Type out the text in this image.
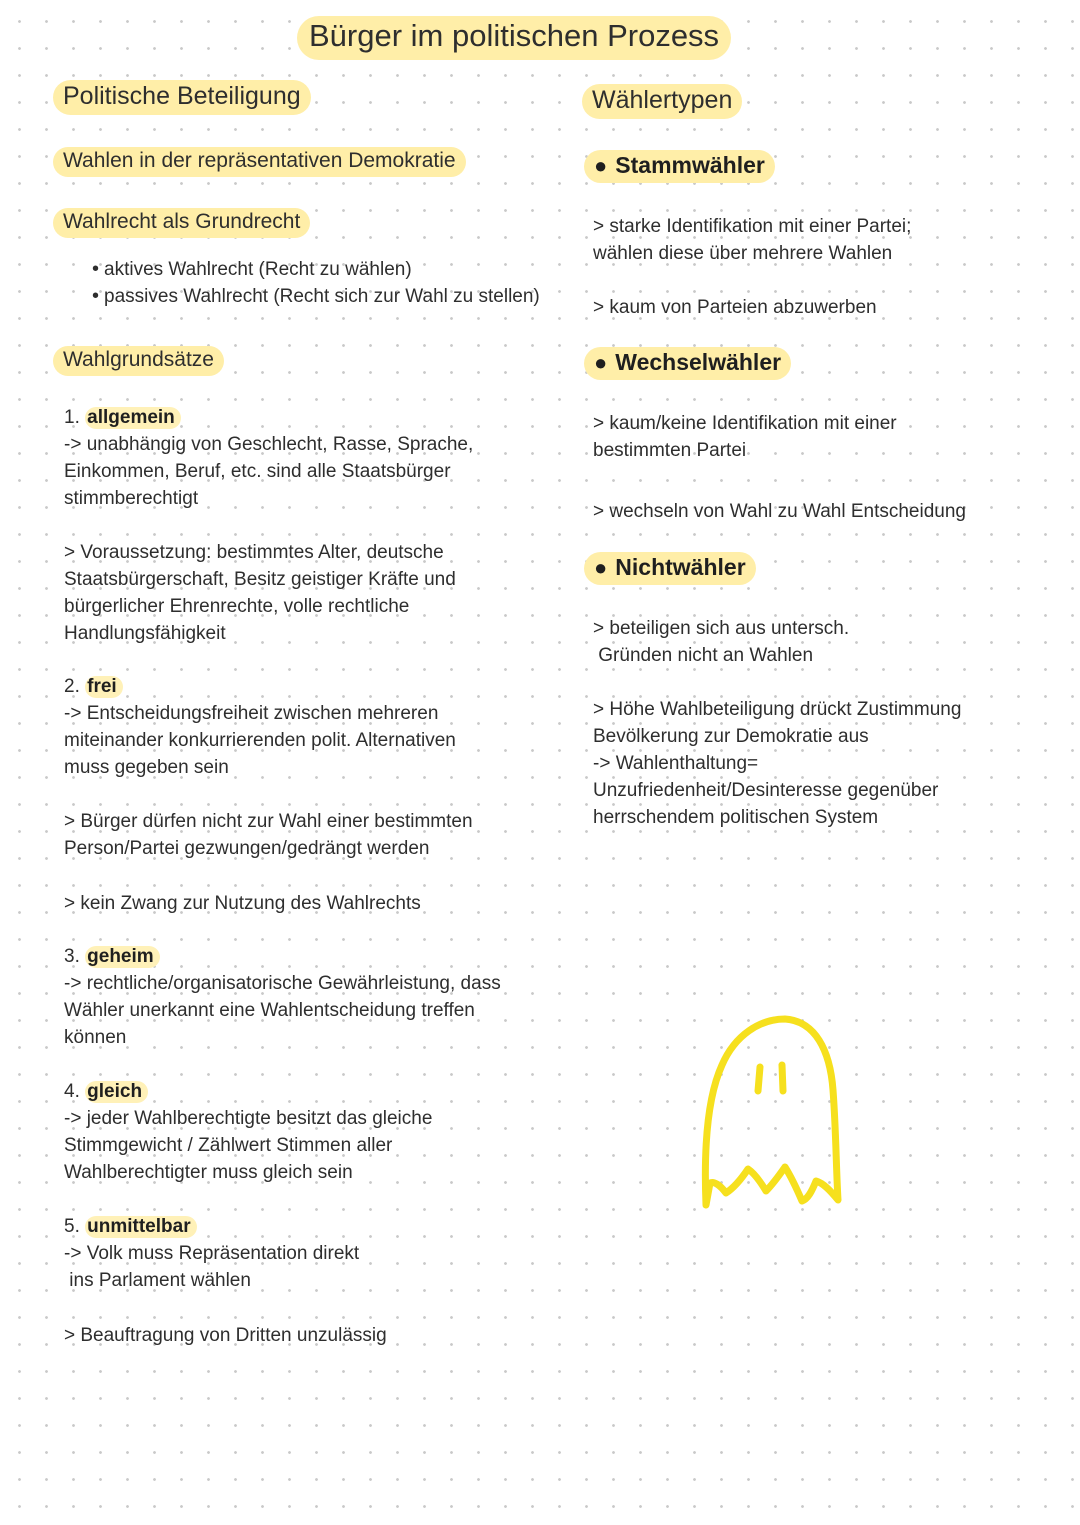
Bürger im politischen Prozess
Politische Beteiligung
Wahlen in der repräsentativen Demokratie
Wahlrecht als Grundrecht
• aktives Wahlrecht (Recht zu wählen)
• passives Wahlrecht (Recht sich zur Wahl zu stellen)
Wahlgrundsätze
1. allgemein
-> unabhängig von Geschlecht, Rasse, Sprache,
Einkommen, Beruf, etc. sind alle Staatsbürger
stimmberechtigt
> Voraussetzung: bestimmtes Alter, deutsche
Staatsbürgerschaft, Besitz geistiger Kräfte und
bürgerlicher Ehrenrechte, volle rechtliche
Handlungsfähigkeit
2. frei
-> Entscheidungsfreiheit zwischen mehreren
miteinander konkurrierenden polit. Alternativen
muss gegeben sein
> Bürger dürfen nicht zur Wahl einer bestimmten
Person/Partei gezwungen/gedrängt werden
> kein Zwang zur Nutzung des Wahlrechts
3. geheim
-> rechtliche/organisatorische Gewährleistung, dass
Wähler unerkannt eine Wahlentscheidung treffen
können
4. gleich
-> jeder Wahlberechtigte besitzt das gleiche
Stimmgewicht / Zählwert Stimmen aller
Wahlberechtigter muss gleich sein
5. unmittelbar
-> Volk muss Repräsentation direkt
ins Parlament wählen
> Beauftragung von Dritten unzulässig
Wählertypen
● Stammwähler
> starke Identifikation mit einer Partei;
wählen diese über mehrere Wahlen
> kaum von Parteien abzuwerben
● Wechselwähler
> kaum/keine Identifikation mit einer
bestimmten Partei
> wechseln von Wahl zu Wahl Entscheidung
● Nichtwähler
> beteiligen sich aus untersch.
Gründen nicht an Wahlen
> Höhe Wahlbeteiligung drückt Zustimmung
Bevölkerung zur Demokratie aus
-> Wahlenthaltung=
Unzufriedenheit/Desinteresse gegenüber
herrschendem politischen System
